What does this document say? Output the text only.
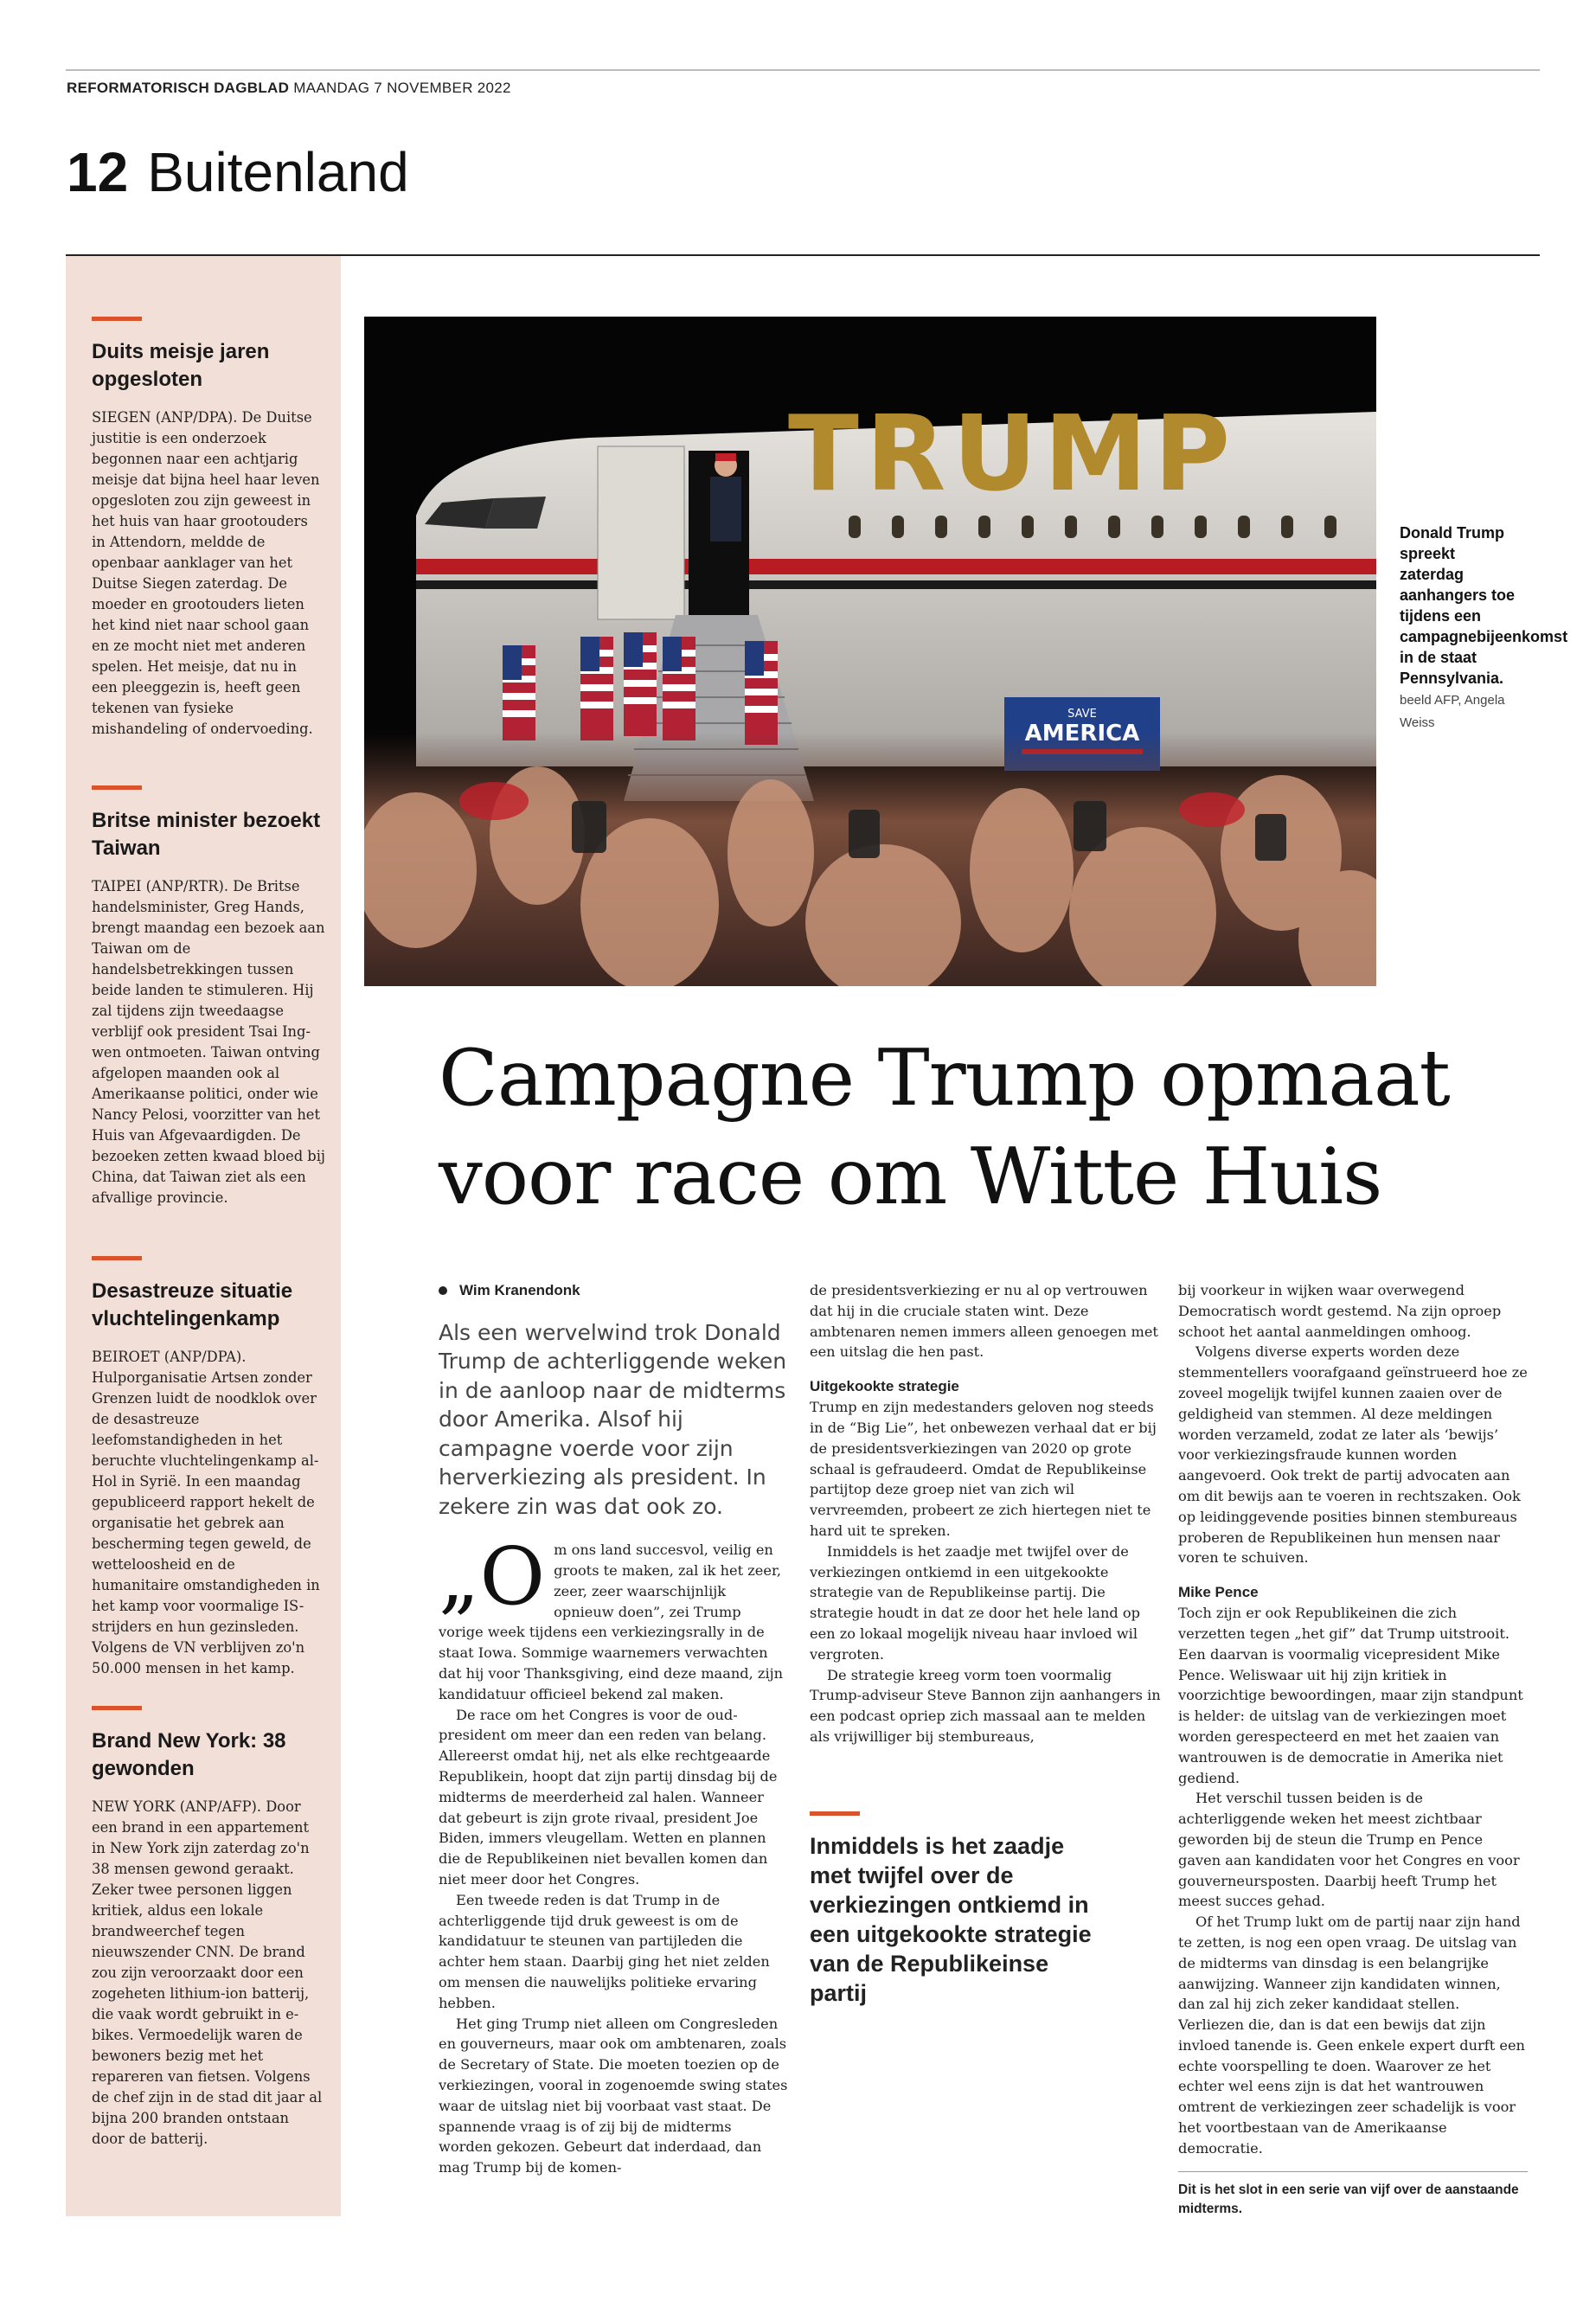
REFORMATORISCH DAGBLAD MAANDAG 7 NOVEMBER 2022
12 Buitenland
Duits meisje jaren opgesloten

SIEGEN (ANP/DPA). De Duitse justitie is een onderzoek begonnen naar een achtjarig meisje dat bijna heel haar leven opgesloten zou zijn geweest in het huis van haar grootouders in Attendorn, meldde de openbaar aanklager van het Duitse Siegen zaterdag. De moeder en grootouders lieten het kind niet naar school gaan en ze mocht niet met anderen spelen. Het meisje, dat nu in een pleeggezin is, heeft geen tekenen van fysieke mishandeling of ondervoeding.

Britse minister bezoekt Taiwan

TAIPEI (ANP/RTR). De Britse handelsminister, Greg Hands, brengt maandag een bezoek aan Taiwan om de handelsbetrekkingen tussen beide landen te stimuleren. Hij zal tijdens zijn tweedaagse verblijf ook president Tsai Ing-wen ontmoeten. Taiwan ontving afgelopen maanden ook al Amerikaanse politici, onder wie Nancy Pelosi, voorzitter van het Huis van Afgevaardigden. De bezoeken zetten kwaad bloed bij China, dat Taiwan ziet als een afvallige provincie.

Desastreuze situatie vluchtelingenkamp

BEIROET (ANP/DPA). Hulporganisatie Artsen zonder Grenzen luidt de noodklok over de desastreuze leefomstandigheden in het beruchte vluchtelingenkamp al-Hol in Syrië. In een maandag gepubliceerd rapport hekelt de organisatie het gebrek aan bescherming tegen geweld, de wetteloosheid en de humanitaire omstandigheden in het kamp voor voormalige IS-strijders en hun gezinsleden. Volgens de VN verblijven zo'n 50.000 mensen in het kamp.

Brand New York: 38 gewonden

NEW YORK (ANP/AFP). Door een brand in een appartement in New York zijn zaterdag zo'n 38 mensen gewond geraakt. Zeker twee personen liggen kritiek, aldus een lokale brandweerchef tegen nieuwszender CNN. De brand zou zijn veroorzaakt door een zogeheten lithium-ion batterij, die vaak wordt gebruikt in e-bikes. Vermoedelijk waren de bewoners bezig met het repareren van fietsen. Volgens de chef zijn in de stad dit jaar al bijna 200 branden ontstaan door de batterij.

TRUMP
SAVE
Donald Trump spreekt zaterdag aanhangers toe tijdens een campagnebijeenkomst in de staat Pennsylvania. beeld AFP, Angela Weiss
Campagne Trump opmaat
voor race om Witte Huis
Wim Kranendonk

Als een wervelwind trok Donald Trump de achterliggende weken in de aanloop naar de midterms door Amerika. Alsof hij campagne voerde voor zijn herverkiezing als president. In zekere zin was dat ook zo.

„O m ons land succesvol, veilig en groots te maken, zal ik het zeer, zeer, zeer waarschijnlijk opnieuw doen”, zei Trump vorige week tijdens een verkiezingsrally in de staat Iowa. Sommige waarnemers verwachten dat hij voor Thanksgiving, eind deze maand, zijn kandidatuur officieel bekend zal maken.

De race om het Congres is voor de oud-president om meer dan een reden van belang. Allereerst omdat hij, net als elke rechtgeaarde Republikein, hoopt dat zijn partij dinsdag bij de midterms de meerderheid zal halen. Wanneer dat gebeurt is zijn grote rivaal, president Joe Biden, immers vleugellam. Wetten en plannen die de Republikeinen niet bevallen komen dan niet meer door het Congres.

Een tweede reden is dat Trump in de achterliggende tijd druk geweest is om de kandidatuur te steunen van partijleden die achter hem staan. Daarbij ging het niet zelden om mensen die nauwelijks politieke ervaring hebben.

Het ging Trump niet alleen om Congresleden en gouverneurs, maar ook om ambtenaren, zoals de Secretary of State. Die moeten toezien op de verkiezingen, vooral in zogenoemde swing states waar de uitslag niet bij voorbaat vast staat. De spannende vraag is of zij bij de midterms worden gekozen. Gebeurt dat inderdaad, dan mag Trump bij de komen-

de presidentsverkiezing er nu al op vertrouwen dat hij in die cruciale staten wint. Deze ambtenaren nemen immers alleen genoegen met een uitslag die hen past.

Uitgekookte strategie

Trump en zijn medestanders geloven nog steeds in de “Big Lie”, het onbewezen verhaal dat er bij de presidentsverkiezingen van 2020 op grote schaal is gefraudeerd. Omdat de Republikeinse partijtop deze groep niet van zich wil vervreemden, probeert ze zich hiertegen niet te hard uit te spreken.

Inmiddels is het zaadje met twijfel over de verkiezingen ontkiemd in een uitgekookte strategie van de Republikeinse partij. Die strategie houdt in dat ze door het hele land op een zo lokaal mogelijk niveau haar invloed wil vergroten.

De strategie kreeg vorm toen voormalig Trump-adviseur Steve Bannon zijn aanhangers in een podcast opriep zich massaal aan te melden als vrijwilliger bij stembureaus,

Inmiddels is het zaadje met twijfel over de verkiezingen ontkiemd in een uitgekookte strategie van de Republikeinse partij

bij voorkeur in wijken waar overwegend Democratisch wordt gestemd. Na zijn oproep schoot het aantal aanmeldingen omhoog.

Volgens diverse experts worden deze stemmentellers voorafgaand geïnstrueerd hoe ze zoveel mogelijk twijfel kunnen zaaien over de geldigheid van stemmen. Al deze meldingen worden verzameld, zodat ze later als ‘bewijs’ voor verkiezingsfraude kunnen worden aangevoerd. Ook trekt de partij advocaten aan om dit bewijs aan te voeren in rechtszaken. Ook op leidinggevende posities binnen stembureaus proberen de Republikeinen hun mensen naar voren te schuiven.

Mike Pence

Toch zijn er ook Republikeinen die zich verzetten tegen „het gif” dat Trump uitstrooit. Een daarvan is voormalig vicepresident Mike Pence. Weliswaar uit hij zijn kritiek in voorzichtige bewoordingen, maar zijn standpunt is helder: de uitslag van de verkiezingen moet worden gerespecteerd en met het zaaien van wantrouwen is de democratie in Amerika niet gediend.

Het verschil tussen beiden is de achterliggende weken het meest zichtbaar geworden bij de steun die Trump en Pence gaven aan kandidaten voor het Congres en voor gouverneursposten. Daarbij heeft Trump het meest succes gehad.

Of het Trump lukt om de partij naar zijn hand te zetten, is nog een open vraag. De uitslag van de midterms van dinsdag is een belangrijke aanwijzing. Wanneer zijn kandidaten winnen, dan zal hij zich zeker kandidaat stellen. Verliezen die, dan is dat een bewijs dat zijn invloed tanende is. Geen enkele expert durft een echte voorspelling te doen. Waarover ze het echter wel eens zijn is dat het wantrouwen omtrent de verkiezingen zeer schadelijk is voor het voortbestaan van de Amerikaanse democratie.

Dit is het slot in een serie van vijf over de aanstaande midterms.
